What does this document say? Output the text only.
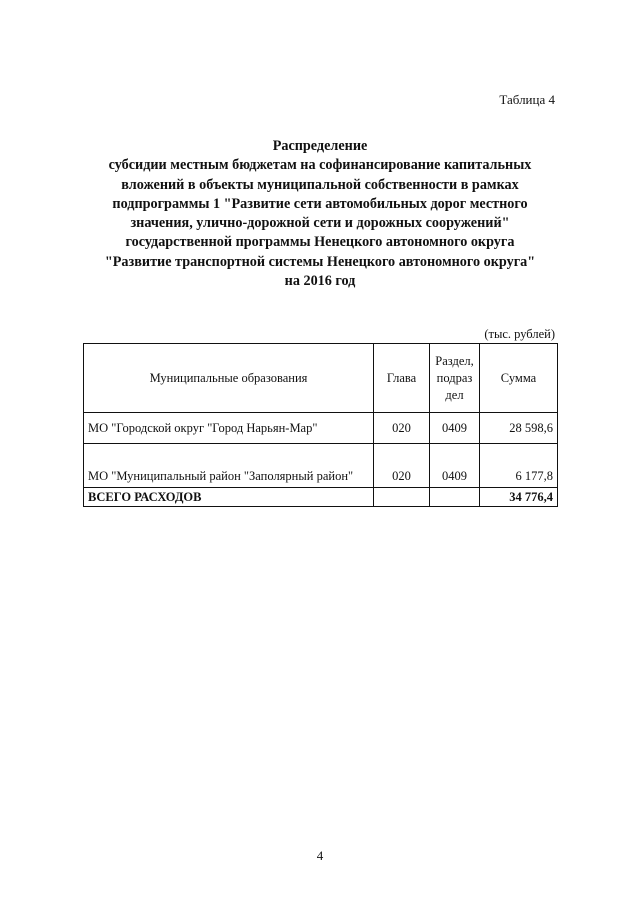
Таблица 4
Распределение
субсидии местным бюджетам на софинансирование капитальных
вложений в объекты муниципальной собственности в рамках
подпрограммы 1 "Развитие сети автомобильных дорог местного
значения, улично-дорожной сети и дорожных сооружений"
государственной программы Ненецкого автономного округа
"Развитие транспортной системы Ненецкого автономного округа"
на 2016 год
(тыс. рублей)
Муниципальные образования	Глава	Раздел, подраз дел	Сумма
МО "Городской округ "Город Нарьян-Мар"	020	0409	28 598,6
МО "Муниципальный район "Заполярный район"	020	0409	6 177,8
ВСЕГО РАСХОДОВ			34 776,4
4
